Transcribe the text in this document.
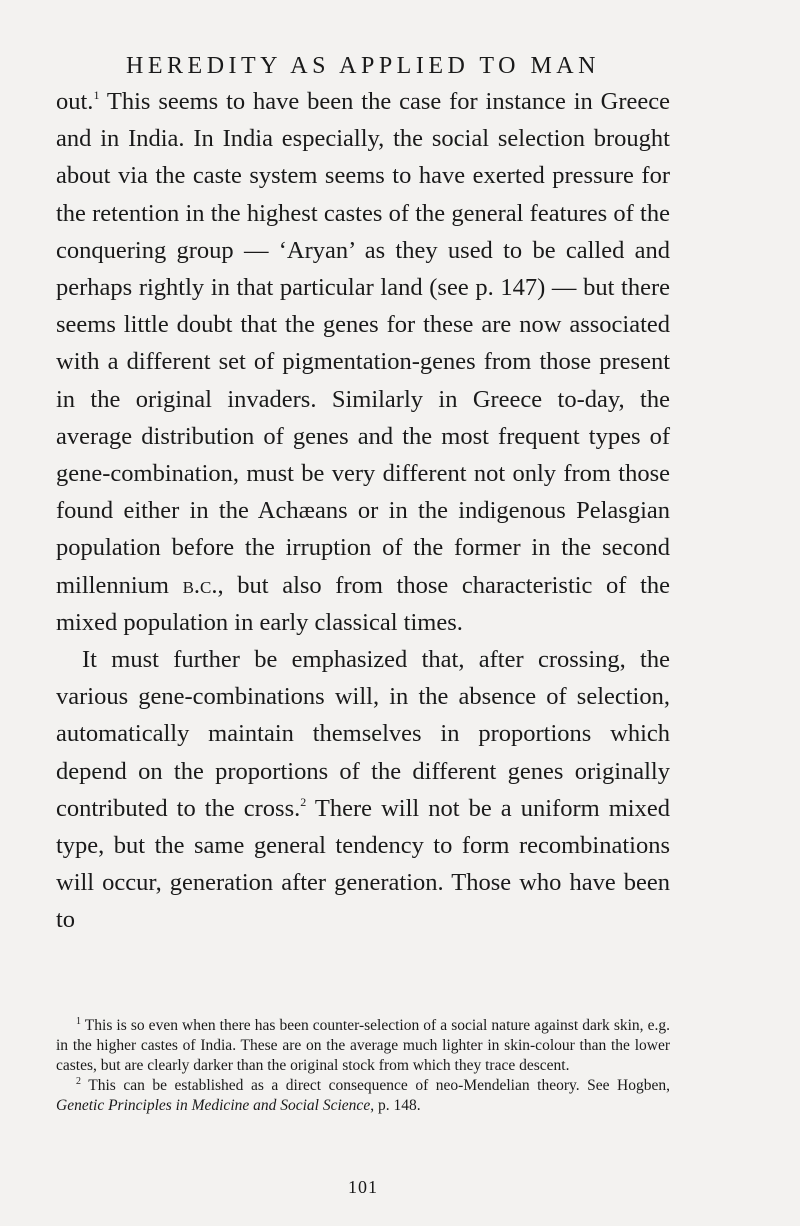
HEREDITY AS APPLIED TO MAN

out.$^1$ This seems to have been the case for instance in Greece and in India. In India especially, the social selection brought about via the caste system seems to have exerted pressure for the retention in the highest castes of the general features of the conquering group — ‘Aryan’ as they used to be called and perhaps rightly in that particular land (see p. 147) — but there seems little doubt that the genes for these are now associated with a different set of pigmentation-genes from those present in the original invaders. Similarly in Greece to-day, the average distribution of genes and the most frequent types of gene-combination, must be very different not only from those found either in the Achæans or in the indigenous Pelasgian population before the irruption of the former in the second millennium b.c., but also from those characteristic of the mixed population in early classical times.

It must further be emphasized that, after crossing, the various gene-combinations will, in the absence of selection, automatically maintain themselves in proportions which depend on the proportions of the different genes originally contributed to the cross.$^2$ There will not be a uniform mixed type, but the same general tendency to form recombinations will occur, generation after generation. Those who have been to

$^1$ This is so even when there has been counter-selection of a social nature against dark skin, e.g. in the higher castes of India. These are on the average much lighter in skin-colour than the lower castes, but are clearly darker than the original stock from which they trace descent.

$^2$ This can be established as a direct consequence of neo-Mendelian theory. See Hogben, Genetic Principles in Medicine and Social Science, p. 148.

101
